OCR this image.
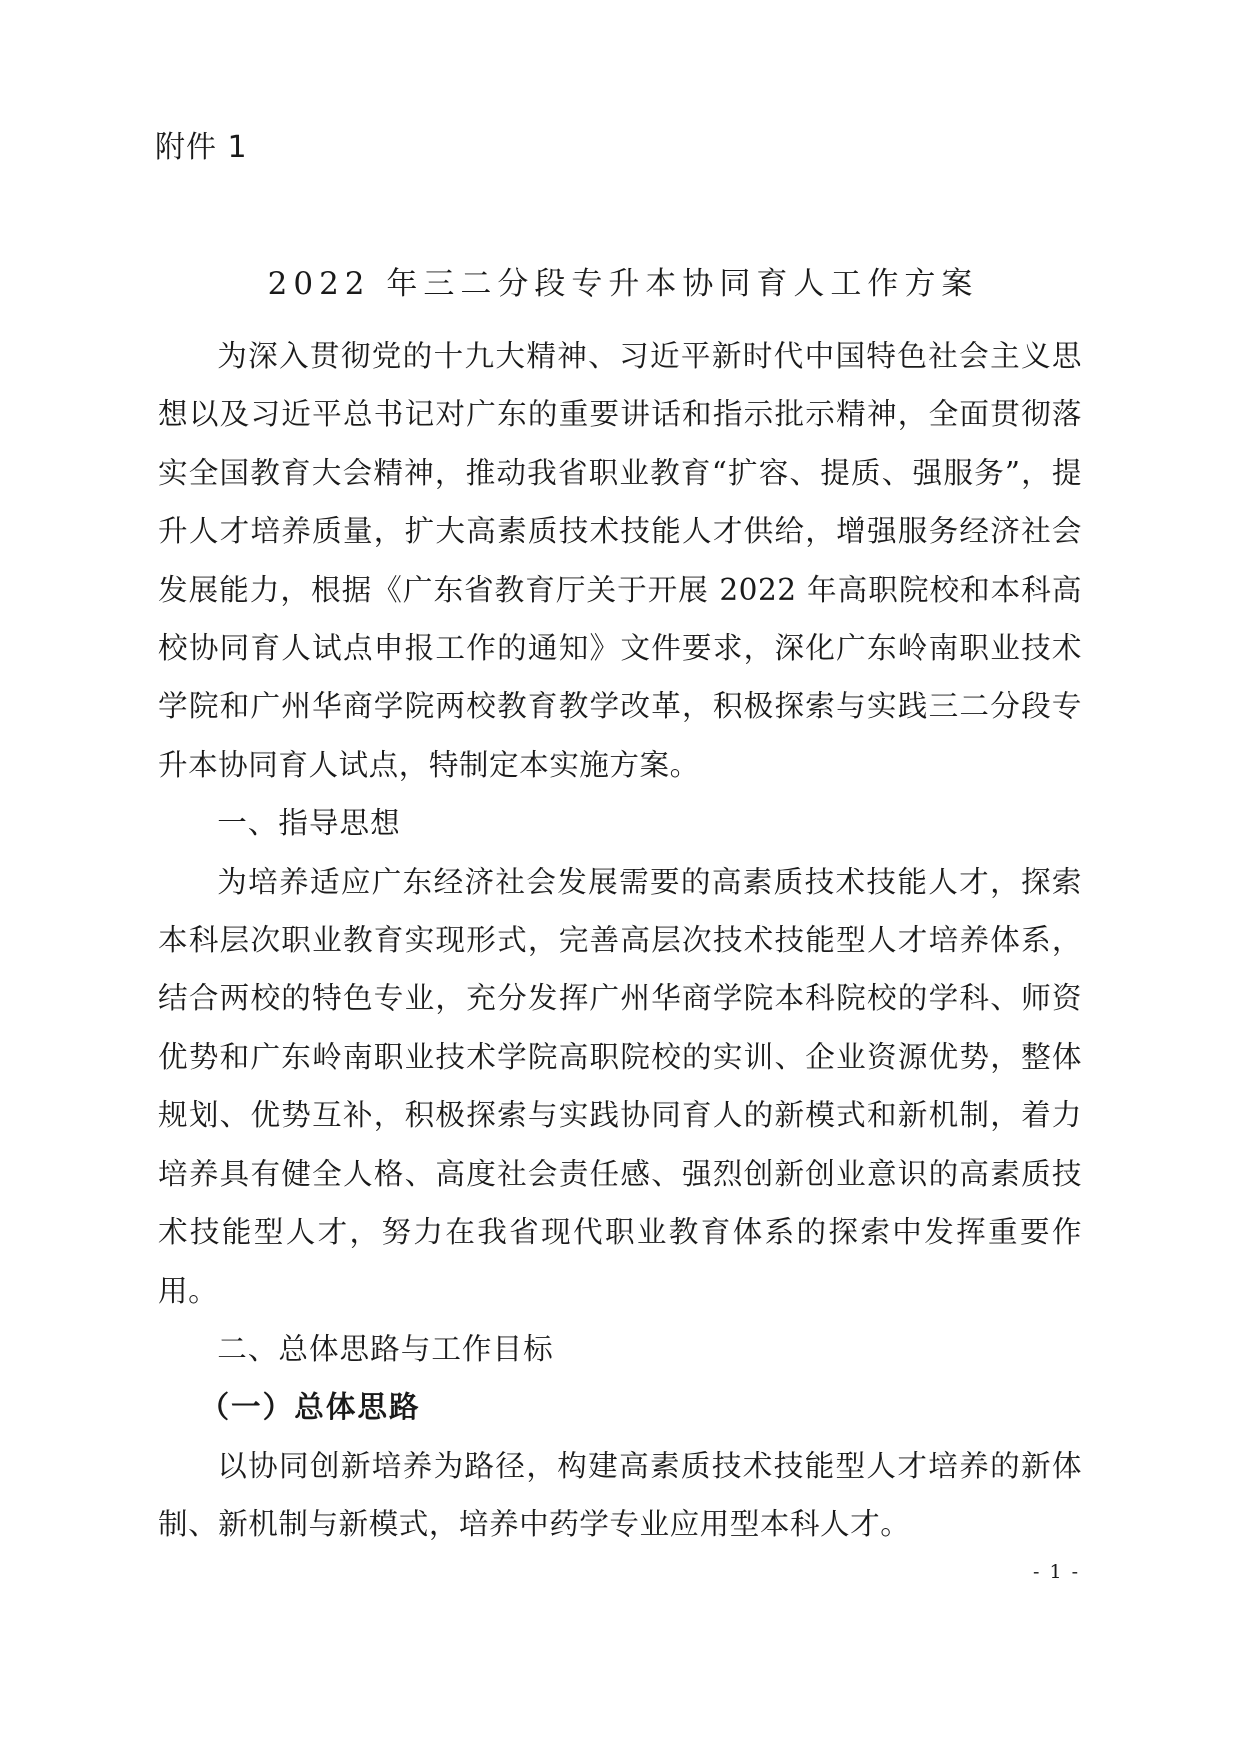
附件 1
2022 年三二分段专升本协同育人工作方案

为深入贯彻党的十九大精神、习近平新时代中国特色社会主义思想以及习近平总书记对广东的重要讲话和指示批示精神，全面贯彻落实全国教育大会精神，推动我省职业教育“扩容、提质、强服务”，提升人才培养质量，扩大高素质技术技能人才供给，增强服务经济社会发展能力，根据《广东省教育厅关于开展 2022 年高职院校和本科高校协同育人试点申报工作的通知》文件要求，深化广东岭南职业技术学院和广州华商学院两校教育教学改革，积极探索与实践三二分段专升本协同育人试点，特制定本实施方案。

一、指导思想

为培养适应广东经济社会发展需要的高素质技术技能人才，探索本科层次职业教育实现形式，完善高层次技术技能型人才培养体系，结合两校的特色专业，充分发挥广州华商学院本科院校的学科、师资优势和广东岭南职业技术学院高职院校的实训、企业资源优势，整体规划、优势互补，积极探索与实践协同育人的新模式和新机制，着力培养具有健全人格、高度社会责任感、强烈创新创业意识的高素质技术技能型人才，努力在我省现代职业教育体系的探索中发挥重要作用。

二、总体思路与工作目标
（一）总体思路

以协同创新培养为路径，构建高素质技术技能型人才培养的新体制、新机制与新模式，培养中药学专业应用型本科人才。

- 1 -
